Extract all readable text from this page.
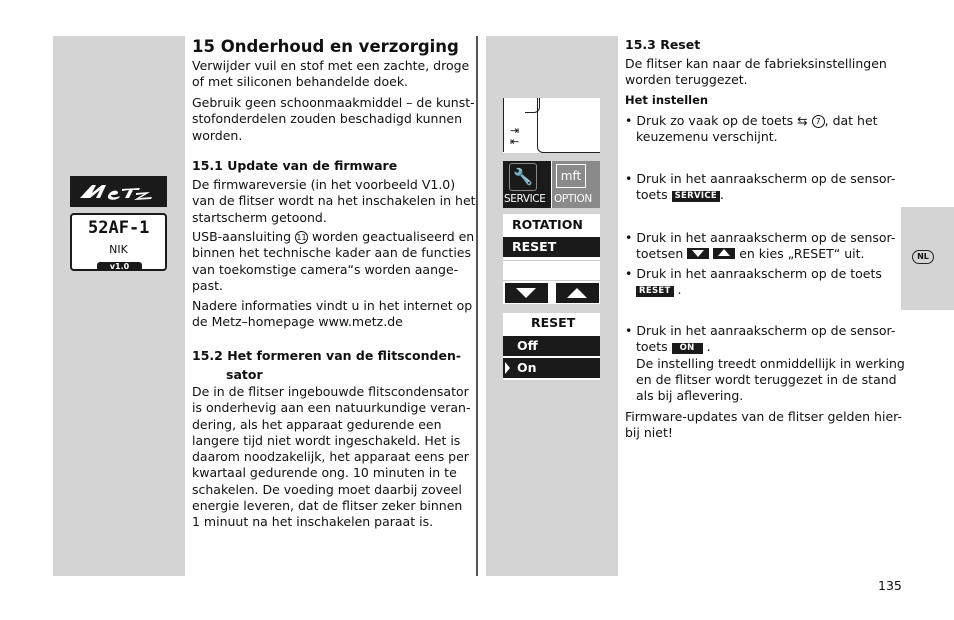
52AF-1
NIK
v1.0
15 Onderhoud en verzorging
Verwijder vuil en stof met een zachte, droge
of met siliconen behandelde doek.
Gebruik geen schoonmaakmiddel – de kunst-
stofonderdelen zouden beschadigd kunnen
worden.
15.1 Update van de firmware
De firmwareversie (in het voorbeeld V1.0)
van de flitser wordt na het inschakelen in het
startscherm getoond.
USB-aansluiting 11 worden geactualiseerd en
binnen het technische kader aan de functies
van toekomstige camera“s worden aange-
past.
Nadere informaties vindt u in het internet op
de Metz–homepage www.metz.de
15.2 Het formeren van de flitsconden-
sator
De in de flitser ingebouwde flitscondensator
is onderhevig aan een natuurkundige veran-
dering, als het apparaat gedurende een
langere tijd niet wordt ingeschakeld. Het is
daarom noodzakelijk, het apparaat eens per
kwartaal gedurende ong. 10 minuten in te
schakelen. De voeding moet daarbij zoveel
energie leveren, dat de flitser zeker binnen
1 minuut na het inschakelen paraat is.
⇥
⇤
🔧
SERVICE
mft
OPTION
ROTATION
RESET
RESET
Off
On
15.3 Reset
De flitser kan naar de fabrieksinstellingen
worden teruggezet.
Het instellen
• Druk zo vaak op de toets ⇆ 7 , dat het
keuzemenu verschijnt.
• Druk in het aanraakscherm op de sensor-
toets SERVICE .
• Druk in het aanraakscherm op de sensor-
toetsen	en kies „RESET“ uit.
• Druk in het aanraakscherm op de toets
RESET .
• Druk in het aanraakscherm op de sensor-
toets ON .
De instelling treedt onmiddellijk in werking
en de flitser wordt teruggezet in de stand
als bij aflevering.
Firmware-updates van de flitser gelden hier-
bij niet!
NL
135
